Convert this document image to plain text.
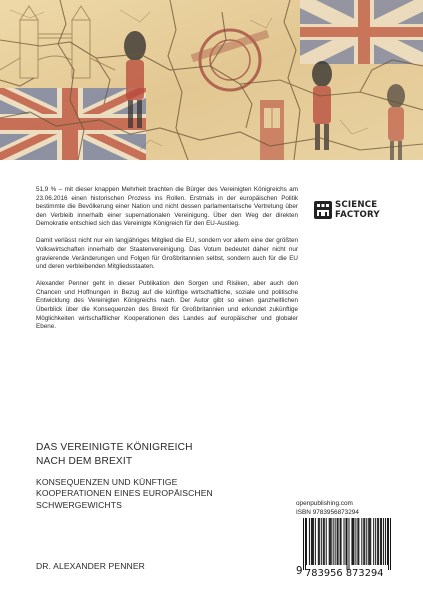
51,9 % – mit dieser knappen Mehrheit brachten die Bürger des Vereinigten Königreichs am 23.06.2016 einen historischen Prozess ins Rollen. Erstmals in der europäischen Politik bestimmte die Bevölkerung einer Nation und nicht dessen parlamentarische Vertretung über den Verbleib innerhalb einer supernationalen Vereinigung. Über den Weg der direkten Demokratie entschied sich das Vereinigte Königreich für den EU-Austieg.

Damit verlässt nicht nur ein langjähriges Mitglied die EU, sondern vor allem eine der größten Volkswirtschaften innerhalb der Staatenvereinigung. Das Votum bedeutet daher nicht nur gravierende Veränderungen und Folgen für Großbritannien selbst, sondern auch für die EU und deren verbleibenden Mitgliedsstaaten.

Alexander Penner geht in dieser Publikation den Sorgen und Risiken, aber auch den Chancen und Hoffnungen in Bezug auf die künftige wirtschaftliche, soziale und politische Entwicklung des Vereinigten Königreichs nach. Der Autor gibt so einen ganzheitlichen Überblick über die Konsequenzen des Brexit für Großbritannien und erkundet zukünftige Möglichkeiten wirtschaftlicher Kooperationen des Landes auf europäischer und globaler Ebene.

SCIENCE
FACTORY
DAS VEREINIGTE KÖNIGREICH
NACH DEM BREXIT
KONSEQUENZEN UND KÜNFTIGE
KOOPERATIONEN EINES EUROPÄISCHEN
SCHWERGEWICHTS
DR. ALEXANDER PENNER
openpublishing.com
ISBN 9783956873294
9 783956 873294
